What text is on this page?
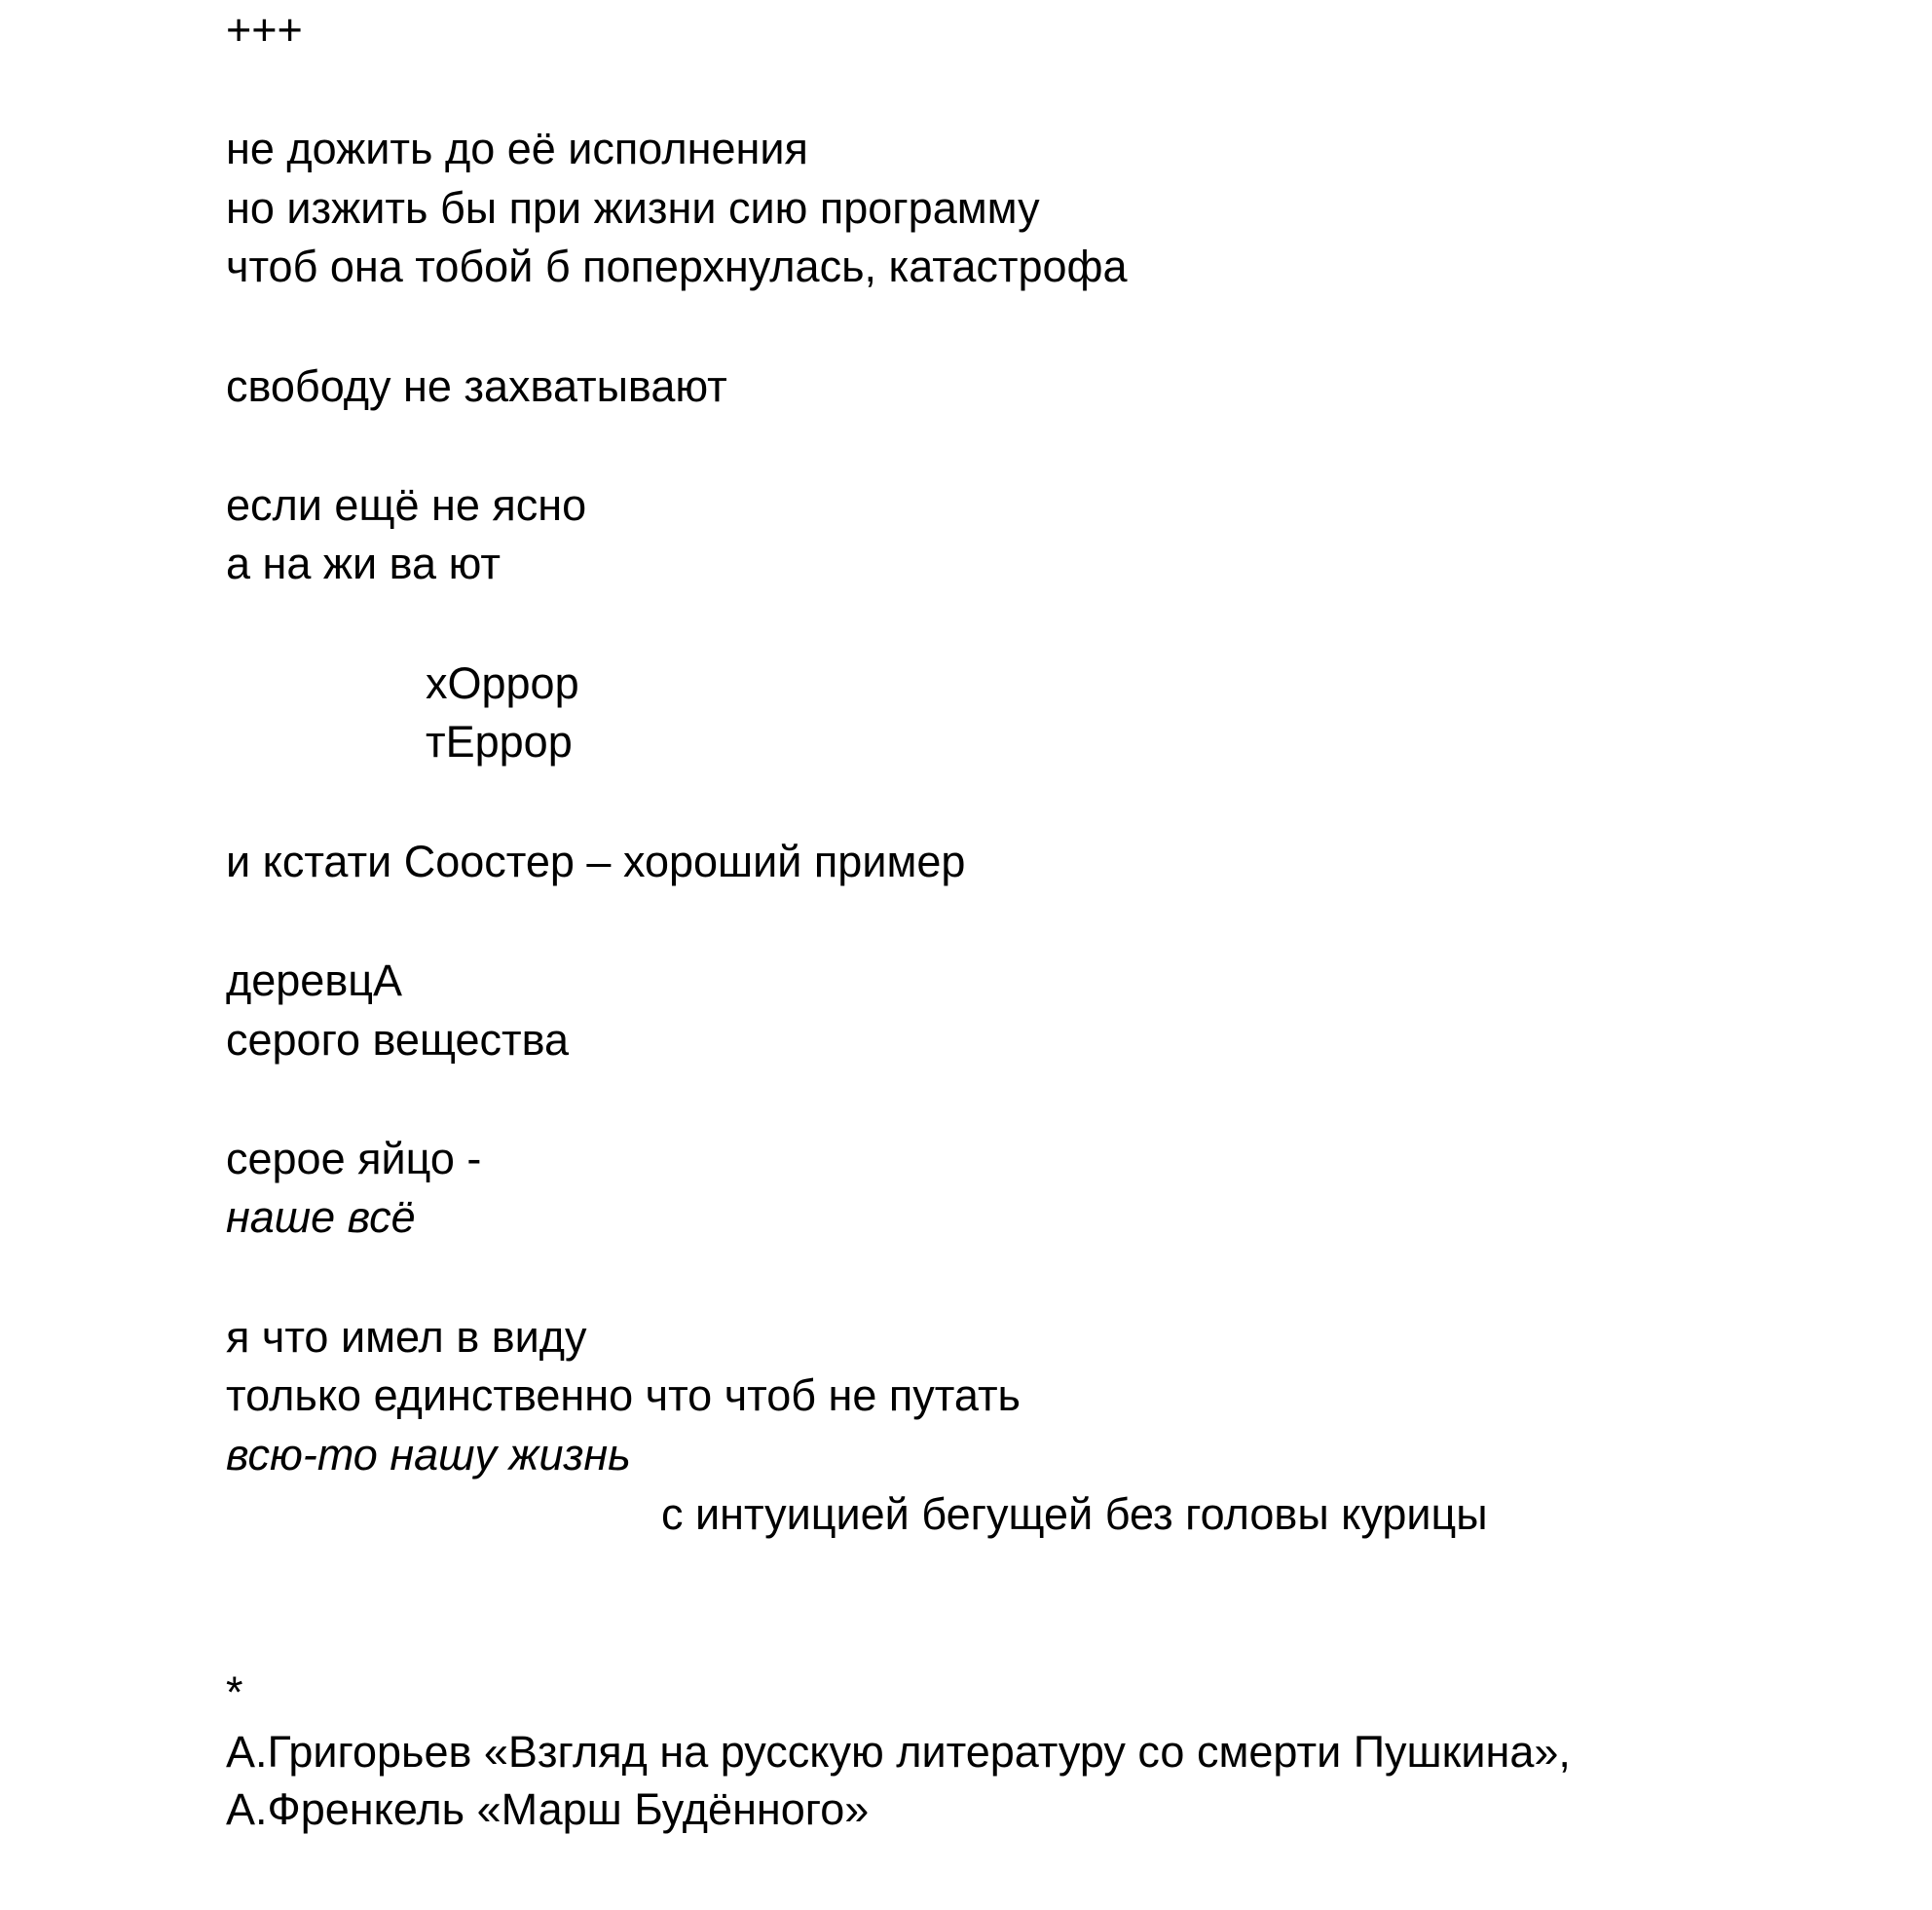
+++
не дожить до её исполнения
но изжить бы при жизни сию программу
чтоб она тобой б поперхнулась, катастрофа
свободу не захватывают
если ещё не ясно
а на жи ва ют
хОррор
тЕррор
и кстати Соостер – хороший пример
деревцА
серого вещества
серое яйцо -
наше всё
я что имел в виду
только единственно что чтоб не путать
всю-то нашу жизнь
с интуицией бегущей без головы курицы
*
А.Григорьев «Взгляд на русскую литературу со смерти Пушкина»,
А.Френкель «Марш Будённого»
